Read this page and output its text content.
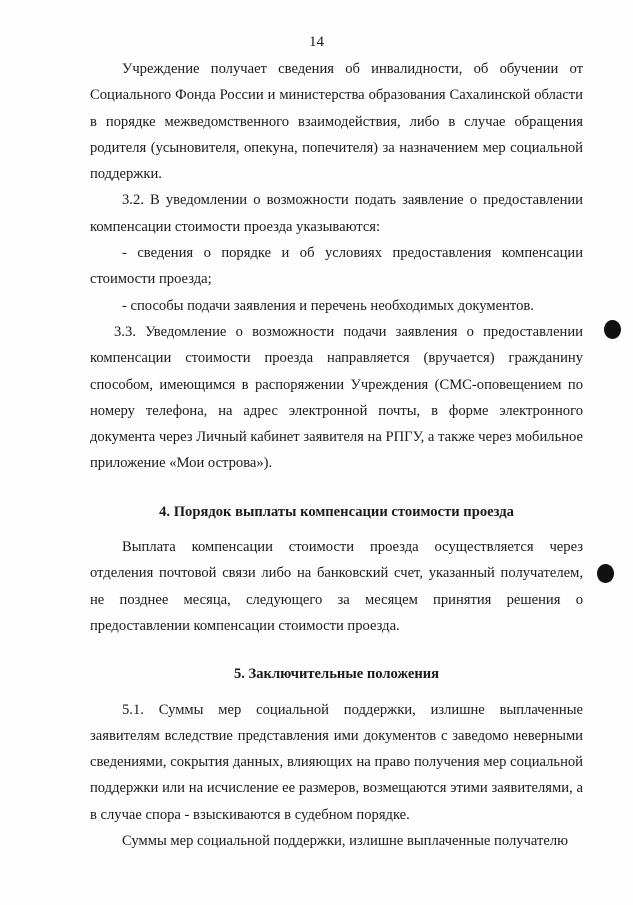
14

Учреждение получает сведения об инвалидности, об обучении от Социального Фонда России и министерства образования Сахалинской области в порядке межведомственного взаимодействия, либо в случае обращения родителя (усыновителя, опекуна, попечителя) за назначением мер социальной поддержки.

3.2. В уведомлении о возможности подать заявление о предоставлении компенсации стоимости проезда указываются:

- сведения о порядке и об условиях предоставления компенсации стоимости проезда;

- способы подачи заявления и перечень необходимых документов.

3.3. Уведомление о возможности подачи заявления о предоставлении компенсации стоимости проезда направляется (вручается) гражданину способом, имеющимся в распоряжении Учреждения (СМС-оповещением по номеру телефона, на адрес электронной почты, в форме электронного документа через Личный кабинет заявителя на РПГУ, а также через мобильное приложение «Мои острова»).

4. Порядок выплаты компенсации стоимости проезда

Выплата компенсации стоимости проезда осуществляется через отделения почтовой связи либо на банковский счет, указанный получателем, не позднее месяца, следующего за месяцем принятия решения о предоставлении компенсации стоимости проезда.

5. Заключительные положения

5.1. Суммы мер социальной поддержки, излишне выплаченные заявителям вследствие представления ими документов с заведомо неверными сведениями, сокрытия данных, влияющих на право получения мер социальной поддержки или на исчисление ее размеров, возмещаются этими заявителями, а в случае спора - взыскиваются в судебном порядке.

Суммы мер социальной поддержки, излишне выплаченные получателю
